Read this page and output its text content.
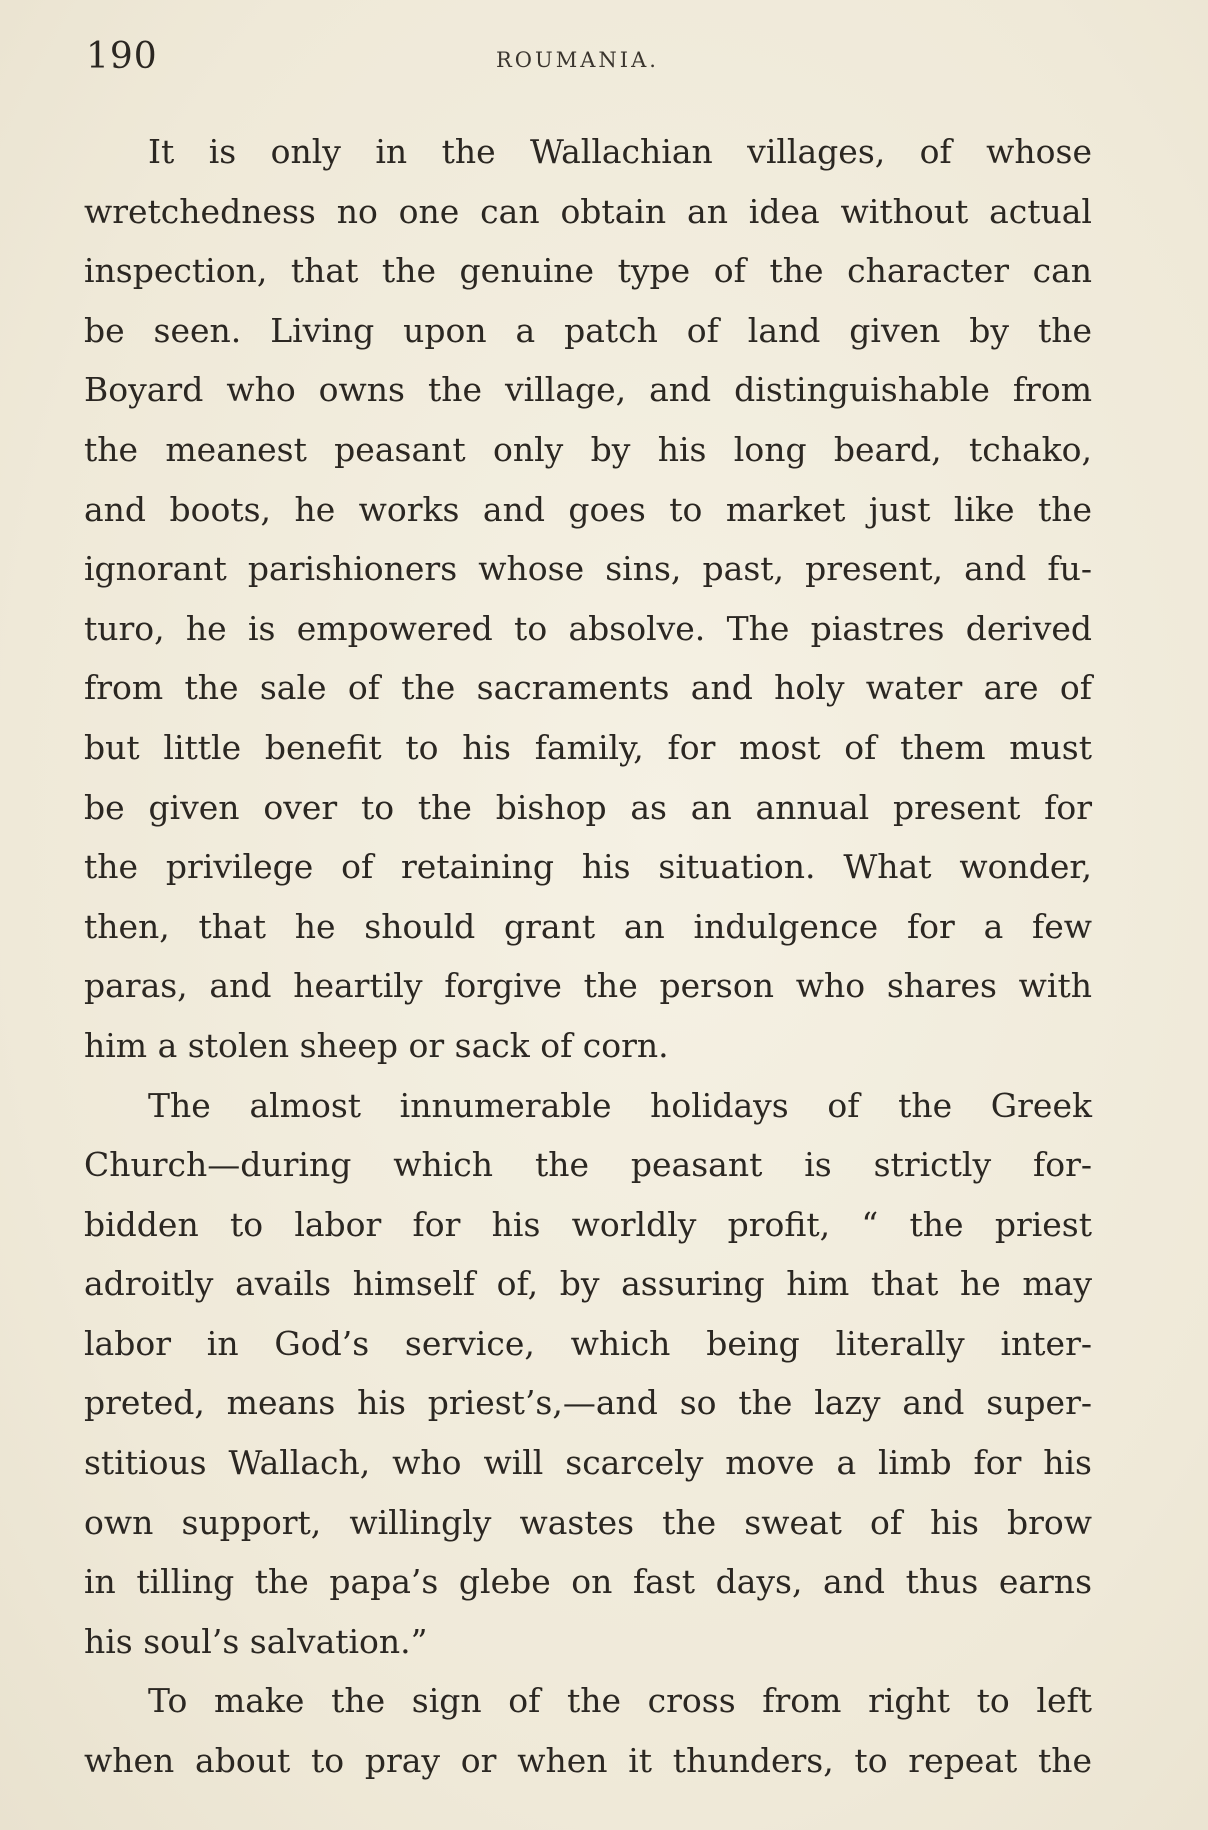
190	ROUMANIA.
It is only in the Wallachian villages, of whose
wretchedness no one can obtain an idea without actual
inspection, that the genuine type of the character can
be seen. Living upon a patch of land given by the
Boyard who owns the village, and distinguishable from
the meanest peasant only by his long beard, tchako,
and boots, he works and goes to market just like the
ignorant parishioners whose sins, past, present, and fu-
turo, he is empowered to absolve. The piastres derived
from the sale of the sacraments and holy water are of
but little benefit to his family, for most of them must
be given over to the bishop as an annual present for
the privilege of retaining his situation. What wonder,
then, that he should grant an indulgence for a few
paras, and heartily forgive the person who shares with
him a stolen sheep or sack of corn.
The almost innumerable holidays of the Greek
Church—during which the peasant is strictly for-
bidden to labor for his worldly profit, “ the priest
adroitly avails himself of, by assuring him that he may
labor in God’s service, which being literally inter-
preted, means his priest’s,—and so the lazy and super-
stitious Wallach, who will scarcely move a limb for his
own support, willingly wastes the sweat of his brow
in tilling the papa’s glebe on fast days, and thus earns
his soul’s salvation.”
To make the sign of the cross from right to left
when about to pray or when it thunders, to repeat the
